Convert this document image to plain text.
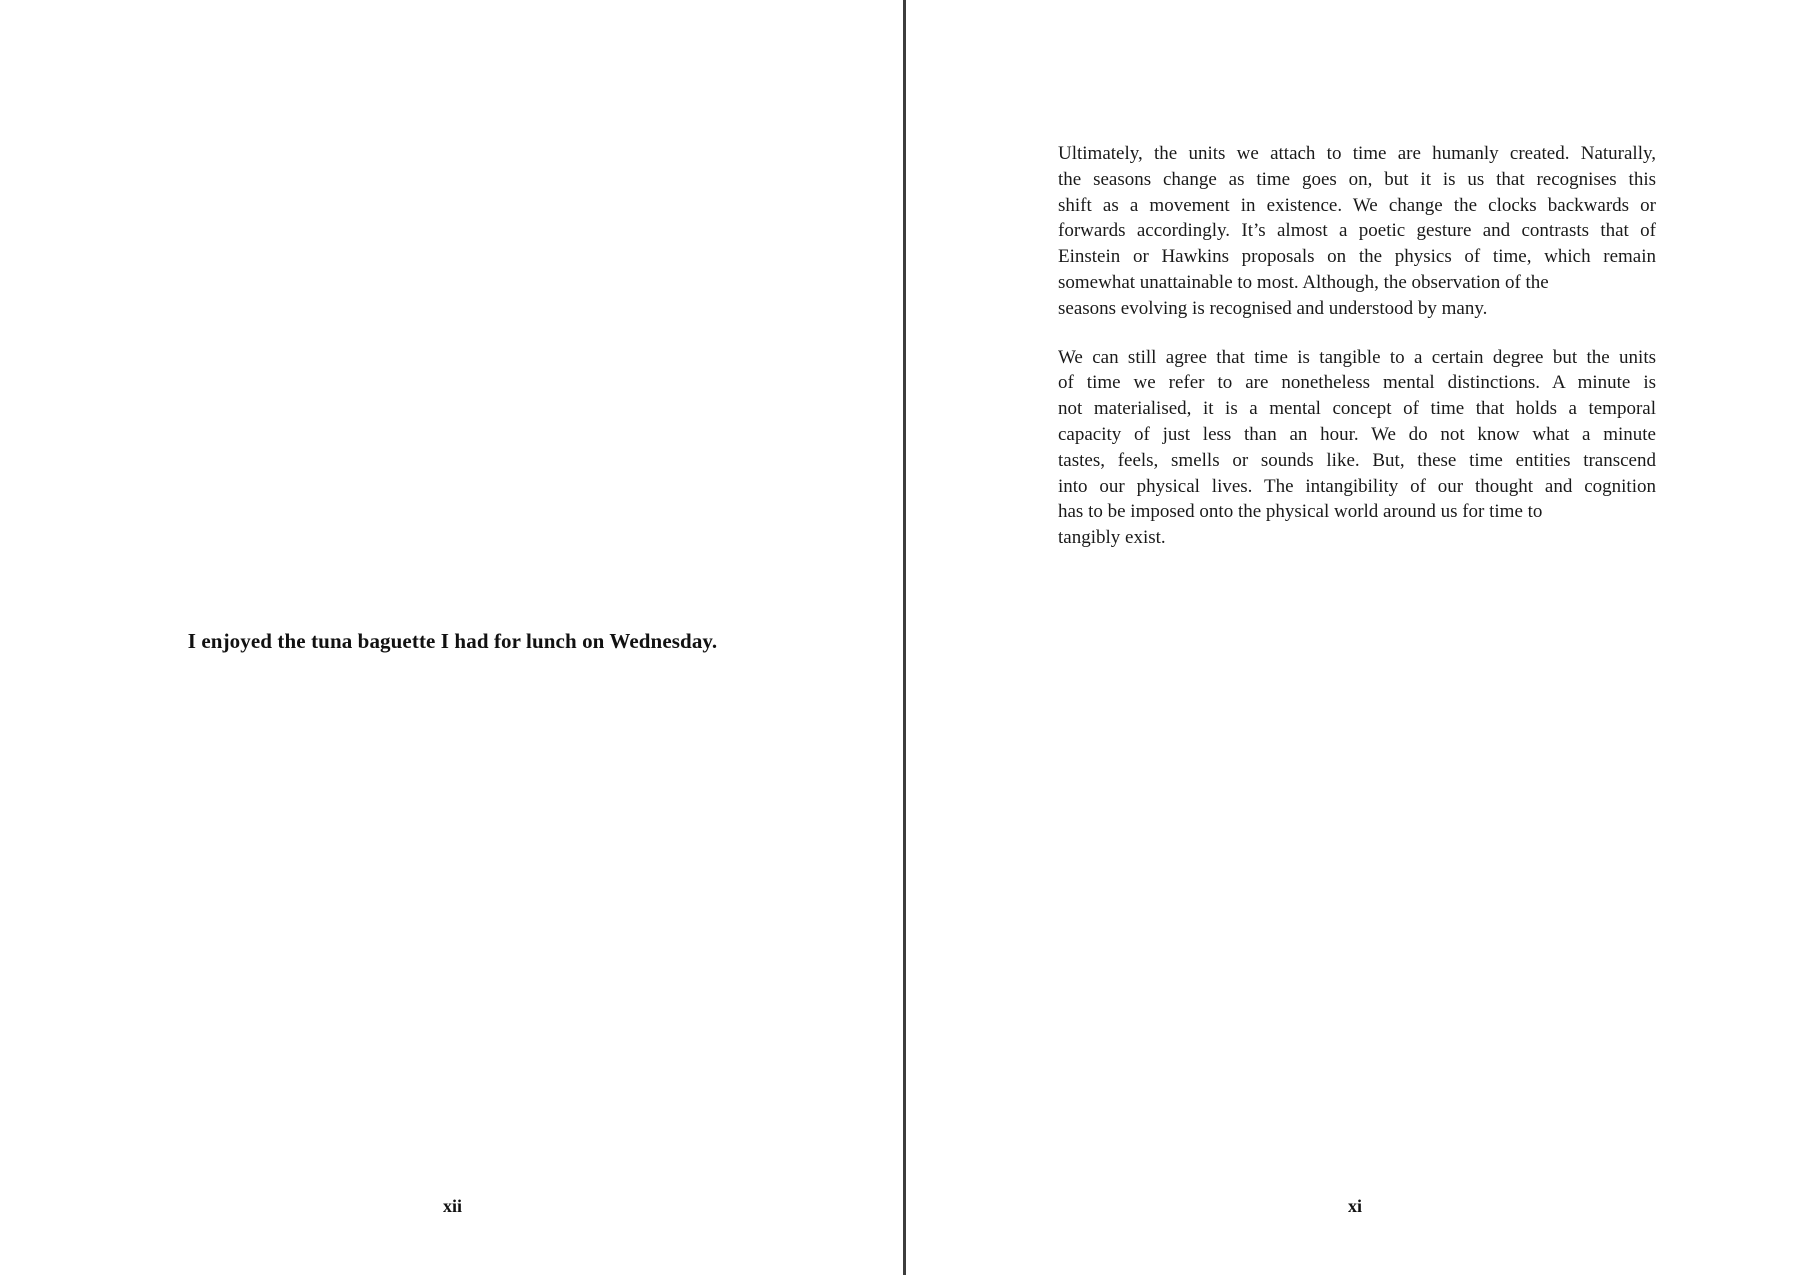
I enjoyed the tuna baguette I had for lunch on Wednesday.
xii
Ultimately, the units we attach to time are humanly created. Naturally,
the seasons change as time goes on, but it is us that recognises this
shift as a movement in existence. We change the clocks backwards or
forwards accordingly. It’s almost a poetic gesture and contrasts that of
Einstein or Hawkins proposals on the physics of time, which remain
somewhat unattainable to most. Although, the observation of the
seasons evolving is recognised and understood by many.
We can still agree that time is tangible to a certain degree but the units
of time we refer to are nonetheless mental distinctions. A minute is
not materialised, it is a mental concept of time that holds a temporal
capacity of just less than an hour. We do not know what a minute
tastes, feels, smells or sounds like. But, these time entities transcend
into our physical lives. The intangibility of our thought and cognition
has to be imposed onto the physical world around us for time to
tangibly exist.
xi
